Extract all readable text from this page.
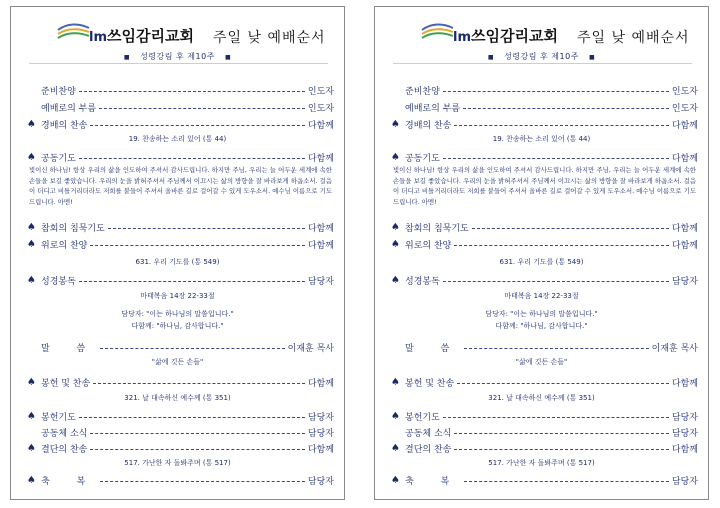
lm쓰임감리교회 주일 낮 예배순서
■ 성령강림 후 제10주 ■
준비찬양	인도자
예배로의 부름	인도자
♠ 경배의 찬송	다함께
19. 찬송하는 소리 있어 (통 44)
♠ 공동기도	다함께
빛이신 하나님! 항상 우리의 삶을 인도하여 주셔서 감사드립니다. 하지만 주님, 우리는 늘 어두운 세계에 속한 손들을 보길 좋았습니다. 우리의 눈을 밝혀주셔서 주님께서 이끄시는 삶의 방향을 잘 바라보게 하옵소서. 걸음이 더디고 비틀거리더라도 저희를 붙들어 주셔서 올바른 길로 걸어갈 수 있게 도우소서. 예수님 이름으로 기도드립니다. 아멘!
♠ 참회의 침묵기도	다함께
♠ 위로의 찬양	다함께
631. 우리 기도를 (통 549)
♠ 성경봉독	담당자
마태복음 14장 22-33절
담당자: "이는 하나님의 말씀입니다."
다함께: "하나님, 감사합니다."
말 씀	이재훈 목사
"삶에 깃든 손들"
♠ 봉헌 및 찬송	다함께
321. 날 대속하신 예수께 (통 351)
♠ 봉헌기도	담당자
공동체 소식	담당자
♠ 결단의 찬송	다함께
517. 가난한 자 돌봐주며 (통 517)
♠ 축 복	담당자
lm쓰임감리교회 주일 낮 예배순서
■ 성령강림 후 제10주 ■
준비찬양	인도자
예배로의 부름	인도자
♠ 경배의 찬송	다함께
19. 찬송하는 소리 있어 (통 44)
♠ 공동기도	다함께
빛이신 하나님! 항상 우리의 삶을 인도하여 주셔서 감사드립니다. 하지만 주님, 우리는 늘 어두운 세계에 속한 손들을 보길 좋았습니다. 우리의 눈을 밝혀주셔서 주님께서 이끄시는 삶의 방향을 잘 바라보게 하옵소서. 걸음이 더디고 비틀거리더라도 저희를 붙들어 주셔서 올바른 길로 걸어갈 수 있게 도우소서. 예수님 이름으로 기도드립니다. 아멘!
♠ 참회의 침묵기도	다함께
♠ 위로의 찬양	다함께
631. 우리 기도를 (통 549)
♠ 성경봉독	담당자
마태복음 14장 22-33절
담당자: "이는 하나님의 말씀입니다."
다함께: "하나님, 감사합니다."
말 씀	이재훈 목사
"삶에 깃든 손들"
♠ 봉헌 및 찬송	다함께
321. 날 대속하신 예수께 (통 351)
♠ 봉헌기도	담당자
공동체 소식	담당자
♠ 결단의 찬송	다함께
517. 가난한 자 돌봐주며 (통 517)
♠ 축 복	담당자
